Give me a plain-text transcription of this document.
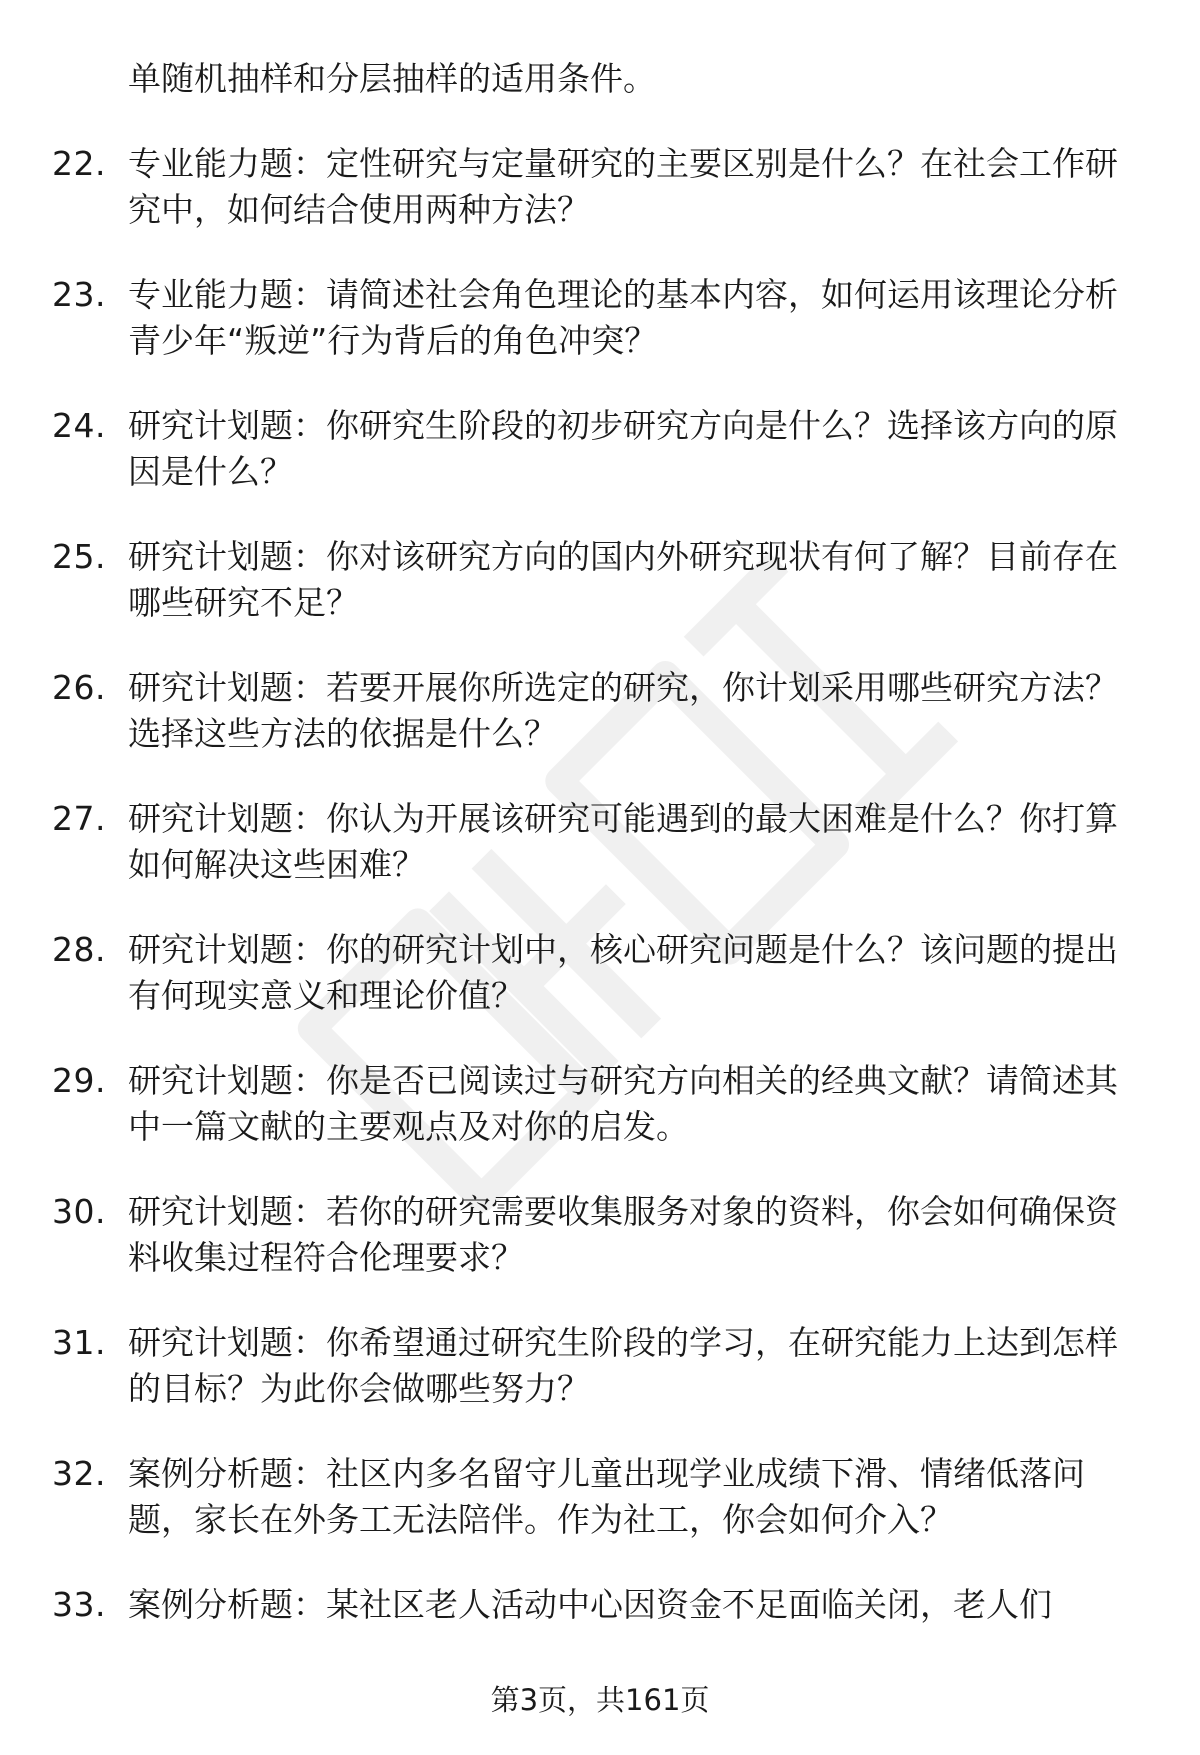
单随机抽样和分层抽样的适用条件。
22. 专业能力题：定性研究与定量研究的主要区别是什么？在社会工作研究中，如何结合使用两种方法？
23. 专业能力题：请简述社会角色理论的基本内容，如何运用该理论分析青少年“叛逆”行为背后的角色冲突？
24. 研究计划题：你研究生阶段的初步研究方向是什么？选择该方向的原因是什么？
25. 研究计划题：你对该研究方向的国内外研究现状有何了解？目前存在哪些研究不足？
26. 研究计划题：若要开展你所选定的研究，你计划采用哪些研究方法？选择这些方法的依据是什么？
27. 研究计划题：你认为开展该研究可能遇到的最大困难是什么？你打算如何解决这些困难？
28. 研究计划题：你的研究计划中，核心研究问题是什么？该问题的提出有何现实意义和理论价值？
29. 研究计划题：你是否已阅读过与研究方向相关的经典文献？请简述其中一篇文献的主要观点及对你的启发。
30. 研究计划题：若你的研究需要收集服务对象的资料，你会如何确保资料收集过程符合伦理要求？
31. 研究计划题：你希望通过研究生阶段的学习，在研究能力上达到怎样的目标？为此你会做哪些努力？
32. 案例分析题：社区内多名留守儿童出现学业成绩下滑、情绪低落问题，家长在外务工无法陪伴。作为社工，你会如何介入？
33. 案例分析题：某社区老人活动中心因资金不足面临关闭，老人们
第3页，共161页
